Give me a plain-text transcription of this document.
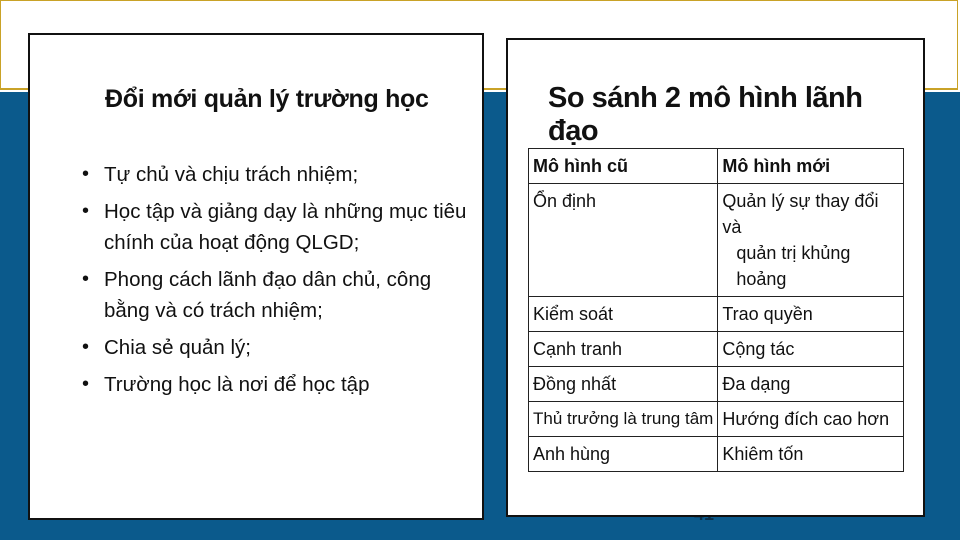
Đổi mới quản lý trường học
• Tự chủ và chịu trách nhiệm;
• Học tập và giảng dạy là những mục tiêu chính của hoạt động QLGD;
• Phong cách lãnh đạo dân chủ, công bằng và có trách nhiệm;
• Chia sẻ quản lý;
• Trường học là nơi để học tập
So sánh 2 mô hình lãnh đạo
Mô hình cũ	Mô hình mới
Ổn định	Quản lý sự thay đổi và
quản trị khủng hoảng
Kiểm soát	Trao quyền
Cạnh tranh	Cộng tác
Đồng nhất	Đa dạng
Thủ trưởng là trung tâm	Hướng đích cao hơn
Anh hùng	Khiêm tốn
